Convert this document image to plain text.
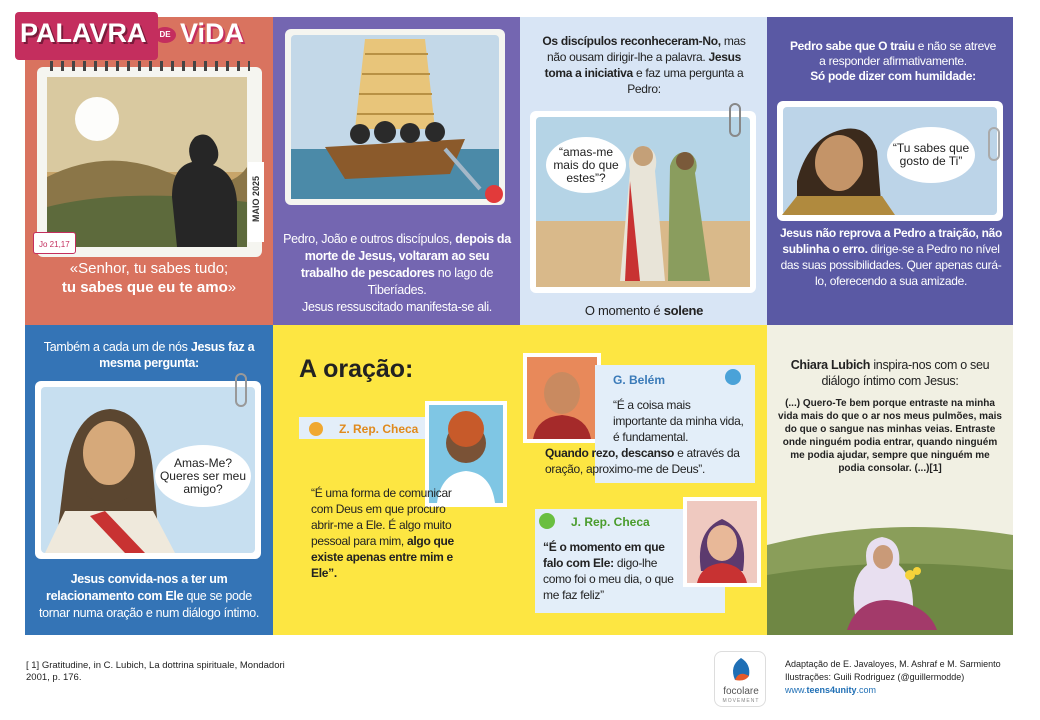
MAIO 2025
Jo 21,17
«Senhor, tu sabes tudo;
tu sabes que eu te amo»
PALAVRA	DE ViDA
Pedro, João e outros discípulos, depois da morte de Jesus, voltaram ao seu trabalho de pescadores no lago de Tiberíades.
Jesus ressuscitado manifesta-se ali.
Os discípulos reconheceram-No, mas não ousam dirigir-lhe a palavra. Jesus toma a iniciativa e faz uma pergunta a Pedro:
“amas-me mais do que estes”?
O momento é solene
Pedro sabe que O traiu e não se atreve a responder afirmativamente.
Só pode dizer com humildade:
“Tu sabes que gosto de Ti”
Jesus não reprova a Pedro a traição, não sublinha o erro. dirige-se a Pedro no nível das suas possibilidades. Quer apenas curá-lo, oferecendo a sua amizade.
Também a cada um de nós Jesus faz a mesma pergunta:
Amas-Me? Queres ser meu amigo?
Jesus convida-nos a ter um relacionamento com Ele que se pode tornar numa oração e num diálogo íntimo.
A oração:
Z. Rep. Checa
“É uma forma de comunicar com Deus em que procuro abrir-me a Ele. É algo muito pessoal para mim, algo que existe apenas entre mim e Ele”.
G. Belém
“É a coisa mais importante da minha vida, é fundamental.
Quando rezo, descanso e através da oração, aproximo-me de Deus”.
J. Rep. Checa
“É o momento em que falo com Ele: digo-lhe como foi o meu dia, o que me faz feliz”
Chiara Lubich inspira-nos com o seu diálogo íntimo com Jesus:
(...) Quero-Te bem porque entraste na minha vida mais do que o ar nos meus pulmões, mais do que o sangue nas minhas veias. Entraste onde ninguém podia entrar, quando ninguém me podia ajudar, sempre que ninguém me podia consolar. (...)[1]
[ 1] Gratitudine, in C. Lubich, La dottrina spirituale, Mondadori
2001, p. 176.
focolare
MOVEMENT
Adaptação de E. Javaloyes, M. Ashraf e M. Sarmiento
Ilustrações: Guili Rodriguez (@guillermodde)
www.teens4unity.com
